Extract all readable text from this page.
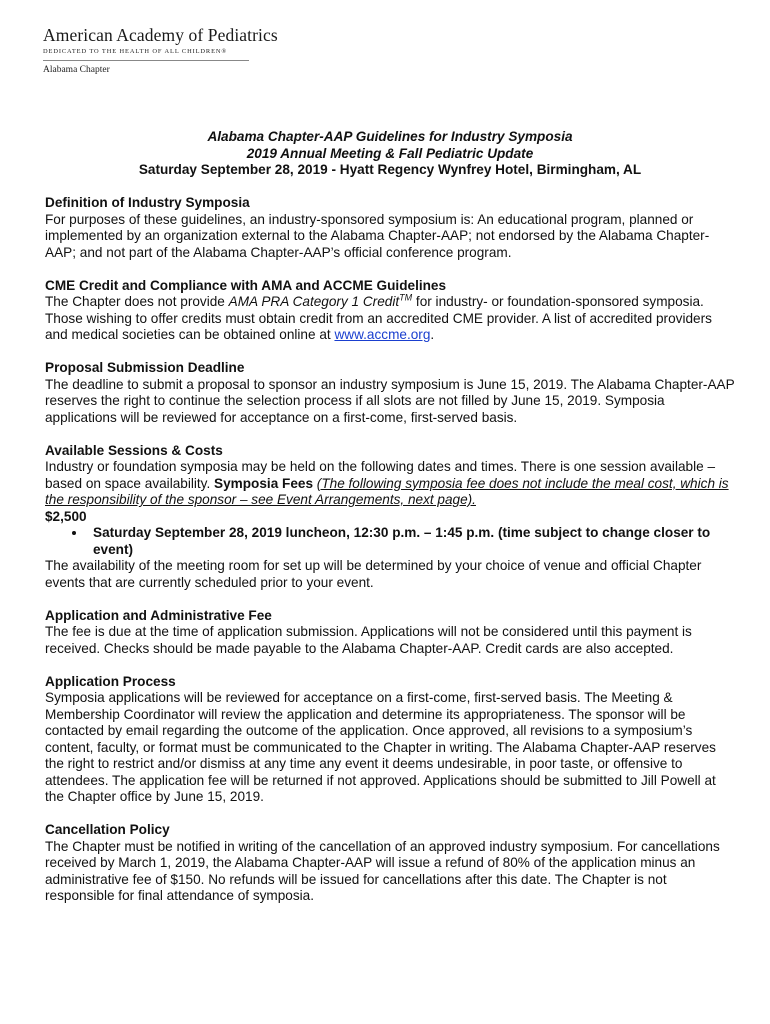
American Academy of Pediatrics
DEDICATED TO THE HEALTH OF ALL CHILDREN®
Alabama Chapter
Alabama Chapter-AAP Guidelines for Industry Symposia
2019 Annual Meeting & Fall Pediatric Update
Saturday September 28, 2019 - Hyatt Regency Wynfrey Hotel, Birmingham, AL
Definition of Industry Symposia

For purposes of these guidelines, an industry-sponsored symposium is: An educational program, planned or implemented by an organization external to the Alabama Chapter-AAP; not endorsed by the Alabama Chapter-AAP; and not part of the Alabama Chapter-AAP’s official conference program.

CME Credit and Compliance with AMA and ACCME Guidelines

The Chapter does not provide AMA PRA Category 1 Credit™ for industry- or foundation-sponsored symposia. Those wishing to offer credits must obtain credit from an accredited CME provider. A list of accredited providers and medical societies can be obtained online at www.accme.org.

Proposal Submission Deadline

The deadline to submit a proposal to sponsor an industry symposium is June 15, 2019. The Alabama Chapter-AAP reserves the right to continue the selection process if all slots are not filled by June 15, 2019. Symposia applications will be reviewed for acceptance on a first-come, first-served basis.

Available Sessions & Costs

Industry or foundation symposia may be held on the following dates and times. There is one session available – based on space availability. Symposia Fees (The following symposia fee does not include the meal cost, which is the responsibility of the sponsor – see Event Arrangements, next page).

$2,500
• Saturday September 28, 2019 luncheon, 12:30 p.m. – 1:45 p.m. (time subject to change closer to event)

The availability of the meeting room for set up will be determined by your choice of venue and official Chapter events that are currently scheduled prior to your event.

Application and Administrative Fee

The fee is due at the time of application submission. Applications will not be considered until this payment is received. Checks should be made payable to the Alabama Chapter-AAP. Credit cards are also accepted.

Application Process

Symposia applications will be reviewed for acceptance on a first-come, first-served basis. The Meeting & Membership Coordinator will review the application and determine its appropriateness. The sponsor will be contacted by email regarding the outcome of the application. Once approved, all revisions to a symposium’s content, faculty, or format must be communicated to the Chapter in writing. The Alabama Chapter-AAP reserves the right to restrict and/or dismiss at any time any event it deems undesirable, in poor taste, or offensive to attendees. The application fee will be returned if not approved. Applications should be submitted to Jill Powell at the Chapter office by June 15, 2019.

Cancellation Policy

The Chapter must be notified in writing of the cancellation of an approved industry symposium. For cancellations received by March 1, 2019, the Alabama Chapter-AAP will issue a refund of 80% of the application minus an administrative fee of $150. No refunds will be issued for cancellations after this date. The Chapter is not responsible for final attendance of symposia.
